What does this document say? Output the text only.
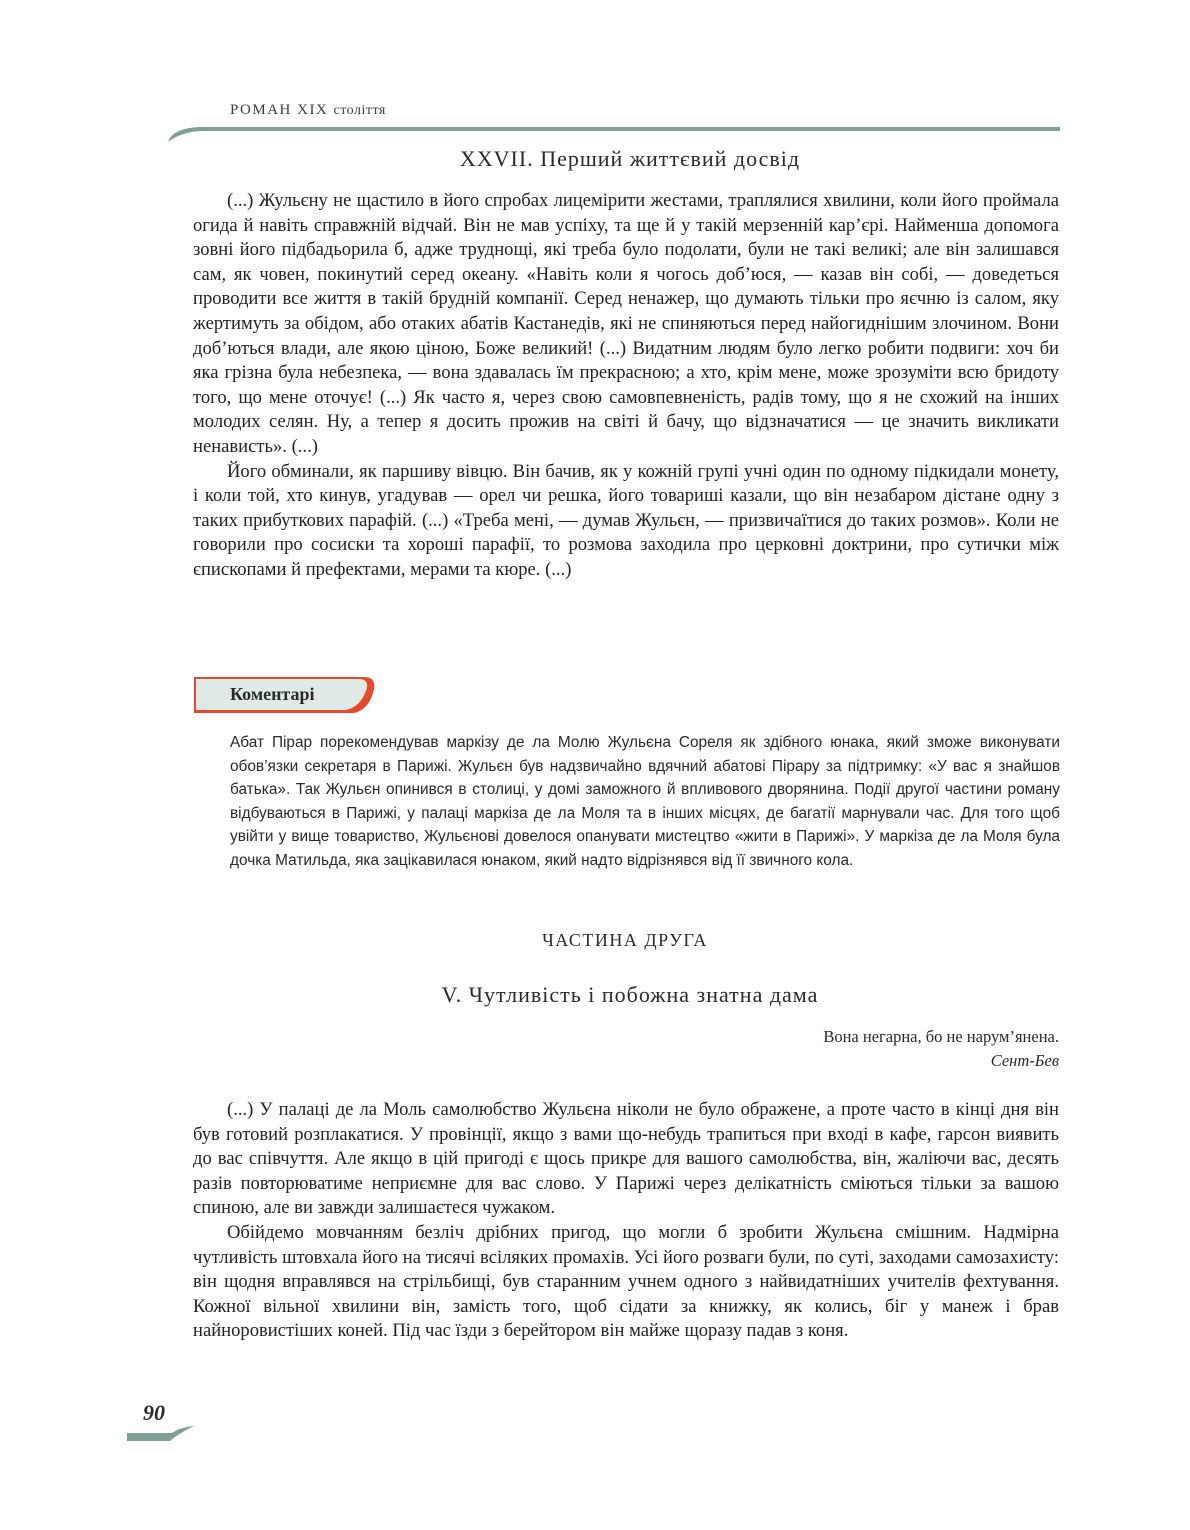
РОМАН XIX століття
XXVII. Перший життєвий досвід

(...) Жульєну не щастило в його спробах лицемірити жестами, траплялися хвилини, коли його проймала огида й навіть справжній відчай. Він не мав успіху, та ще й у такій мерзенній кар’єрі. Найменша допомога зовні його підбадьорила б, адже труднощі, які треба було подолати, були не такі великі; але він залишався сам, як човен, покинутий серед океану. «Навіть коли я чогось доб’юся, — казав він собі, — доведеться проводити все життя в такій брудній компанії. Серед ненажер, що думають тільки про яєчню із салом, яку жертимуть за обідом, або отаких абатів Кастанедів, які не спиняються перед найогиднішим злочином. Вони доб’ються влади, але якою ціною, Боже великий! (...) Видатним людям було легко робити подвиги: хоч би яка грізна була небезпека, — вона здавалась їм прекрасною; а хто, крім мене, може зрозуміти всю бридоту того, що мене оточує! (...) Як часто я, через свою самовпевненість, радів тому, що я не схожий на інших молодих селян. Ну, а тепер я досить прожив на світі й бачу, що відзначатися — це значить викликати ненависть». (...)

Його обминали, як паршиву вівцю. Він бачив, як у кожній групі учні один по одному підкидали монету, і коли той, хто кинув, угадував — орел чи решка, його товариші казали, що він незабаром дістане одну з таких прибуткових парафій. (...) «Треба мені, — думав Жульєн, — призвичаїтися до таких розмов». Коли не говорили про сосиски та хороші парафії, то розмова заходила про церковні доктрини, про сутички між єпископами й префектами, мерами та кюре. (...)

Коментарі
Абат Пірар порекомендував маркізу де ла Молю Жульєна Сореля як здібного юнака, який зможе виконувати обов’язки секретаря в Парижі. Жульєн був надзвичайно вдячний абатові Пірару за підтримку: «У вас я знайшов батька». Так Жульєн опинився в столиці, у домі заможного й впливового дворянина. Події другої частини роману відбуваються в Парижі, у палаці маркіза де ла Моля та в інших місцях, де багатії марнували час. Для того щоб увійти у вище товариство, Жульєнові довелося опанувати мистецтво «жити в Парижі». У маркіза де ла Моля була дочка Матильда, яка зацікавилася юнаком, який надто відрізнявся від її звичного кола.
ЧАСТИНА ДРУГА
V. Чутливість і побожна знатна дама
Вона негарна, бо не нарум’янена.
Сент-Бев

(...) У палаці де ла Моль самолюбство Жульєна ніколи не було ображене, а проте часто в кінці дня він був готовий розплакатися. У провінції, якщо з вами що-небудь трапиться при вході в кафе, гарсон виявить до вас співчуття. Але якщо в цій пригоді є щось прикре для вашого самолюбства, він, жаліючи вас, десять разів повторюватиме неприємне для вас слово. У Парижі через делікатність сміються тільки за вашою спиною, але ви завжди залишаєтеся чужаком.

Обійдемо мовчанням безліч дрібних пригод, що могли б зробити Жульєна смішним. Надмірна чутливість штовхала його на тисячі всіляких промахів. Усі його розваги були, по суті, заходами самозахисту: він щодня вправлявся на стрільбищі, був старанним учнем одного з найвидатніших учителів фехтування. Кожної вільної хвилини він, замість того, щоб сідати за книжку, як колись, біг у манеж і брав найноровистіших коней. Під час їзди з берейтором він майже щоразу падав з коня.

90
